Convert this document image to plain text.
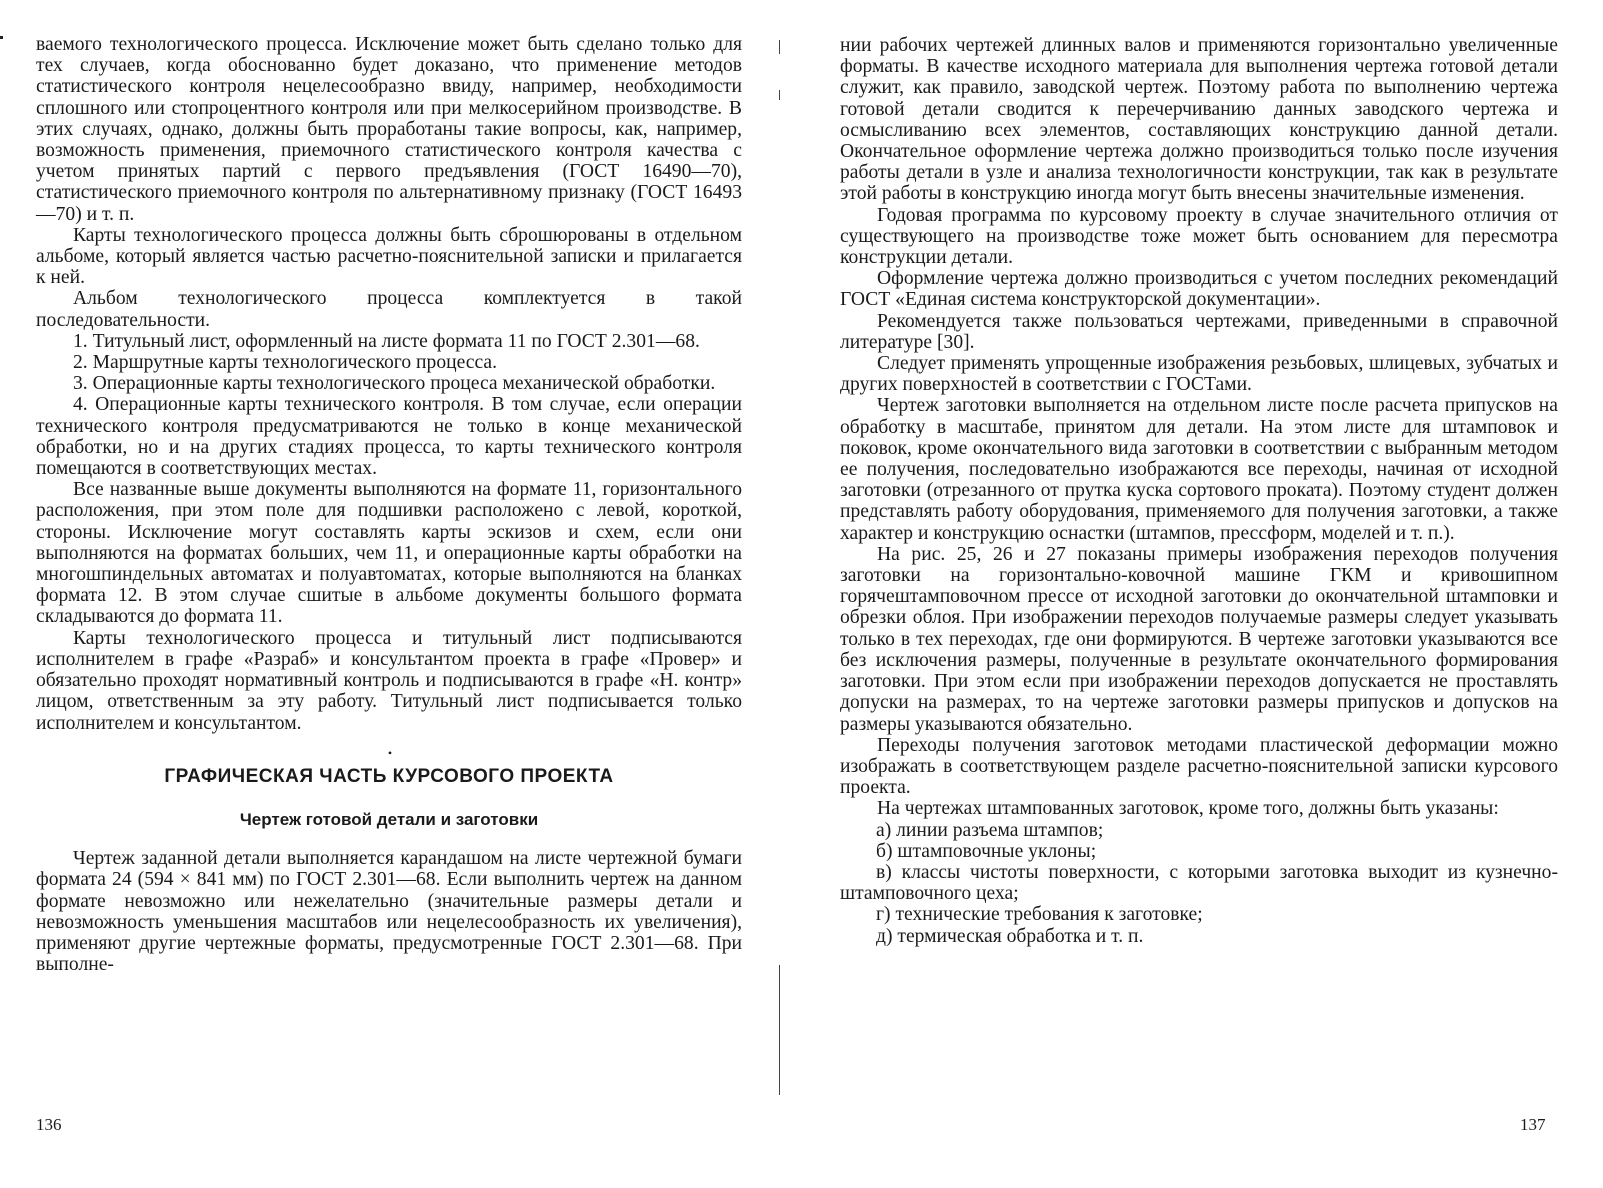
ваемого технологического процесса. Исключение может быть сделано только для тех случаев, когда обоснованно будет доказано, что применение методов статистического контроля нецелесообразно ввиду, например, необходимости сплошного или стопроцентного контроля или при мелкосерийном производстве. В этих случаях, однако, должны быть проработаны такие вопросы, как, например, возможность применения, приемочного статистического контроля качества с учетом принятых партий с первого предъявления (ГОСТ 16490—70), статистического приемочного контроля по альтернативному признаку (ГОСТ 16493—70) и т. п.

Карты технологического процесса должны быть сброшюрованы в отдельном альбоме, который является частью расчетно-пояснительной записки и прилагается к ней.

Альбом технологического процесса комплектуется в такой последовательности.

1. Титульный лист, оформленный на листе формата 11 по ГОСТ 2.301—68.

2. Маршрутные карты технологического процесса.

3. Операционные карты технологического процеса механической обработки.

4. Операционные карты технического контроля. В том случае, если операции технического контроля предусматриваются не только в конце механической обработки, но и на других стадиях процесса, то карты технического контроля помещаются в соответствующих местах.

Все названные выше документы выполняются на формате 11, горизонтального расположения, при этом поле для подшивки расположено с левой, короткой, стороны. Исключение могут составлять карты эскизов и схем, если они выполняются на форматах больших, чем 11, и операционные карты обработки на многошпиндельных автоматах и полуавтоматах, которые выполняются на бланках формата 12. В этом случае сшитые в альбоме документы большого формата складываются до формата 11.

Карты технологического процесса и титульный лист подписываются исполнителем в графе «Разраб» и консультантом проекта в графе «Провер» и обязательно проходят нормативный контроль и подписываются в графе «Н. контр» лицом, ответственным за эту работу. Титульный лист подписывается только исполнителем и консультантом.

•
ГРАФИЧЕСКАЯ ЧАСТЬ КУРСОВОГО ПРОЕКТА
Чертеж готовой детали и заготовки

Чертеж заданной детали выполняется карандашом на листе чертежной бумаги формата 24 (594 × 841 мм) по ГОСТ 2.301—68. Если выполнить чертеж на данном формате невозможно или нежелательно (значительные размеры детали и невозможность уменьшения масштабов или нецелесообразность их увеличения), применяют другие чертежные форматы, предусмотренные ГОСТ 2.301—68. При выполне-

136

нии рабочих чертежей длинных валов и применяются горизонтально увеличенные форматы. В качестве исходного материала для выполнения чертежа готовой детали служит, как правило, заводской чертеж. Поэтому работа по выполнению чертежа готовой детали сводится к перечерчиванию данных заводского чертежа и осмысливанию всех элементов, составляющих конструкцию данной детали. Окончательное оформление чертежа должно производиться только после изучения работы детали в узле и анализа технологичности конструкции, так как в результате этой работы в конструкцию иногда могут быть внесены значительные изменения.

Годовая программа по курсовому проекту в случае значительного отличия от существующего на производстве тоже может быть основанием для пересмотра конструкции детали.

Оформление чертежа должно производиться с учетом последних рекомендаций ГОСТ «Единая система конструкторской документации».

Рекомендуется также пользоваться чертежами, приведенными в справочной литературе [30].

Следует применять упрощенные изображения резьбовых, шлицевых, зубчатых и других поверхностей в соответствии с ГОСТами.

Чертеж заготовки выполняется на отдельном листе после расчета припусков на обработку в масштабе, принятом для детали. На этом листе для штамповок и поковок, кроме окончательного вида заготовки в соответствии с выбранным методом ее получения, последовательно изображаются все переходы, начиная от исходной заготовки (отрезанного от прутка куска сортового проката). Поэтому студент должен представлять работу оборудования, применяемого для получения заготовки, а также характер и конструкцию оснастки (штампов, прессформ, моделей и т. п.).

На рис. 25, 26 и 27 показаны примеры изображения переходов получения заготовки на горизонтально-ковочной машине ГКМ и кривошипном горячештамповочном прессе от исходной заготовки до окончательной штамповки и обрезки облоя. При изображении переходов получаемые размеры следует указывать только в тех переходах, где они формируются. В чертеже заготовки указываются все без исключения размеры, полученные в результате окончательного формирования заготовки. При этом если при изображении переходов допускается не проставлять допуски на размерах, то на чертеже заготовки размеры припусков и допусков на размеры указываются обязательно.

Переходы получения заготовок методами пластической деформации можно изображать в соответствующем разделе расчетно-пояснительной записки курсового проекта.

На чертежах штампованных заготовок, кроме того, должны быть указаны:

а) линии разъема штампов;

б) штамповочные уклоны;

в) классы чистоты поверхности, с которыми заготовка выходит из кузнечно-штамповочного цеха;

г) технические требования к заготовке;

д) термическая обработка и т. п.

137
